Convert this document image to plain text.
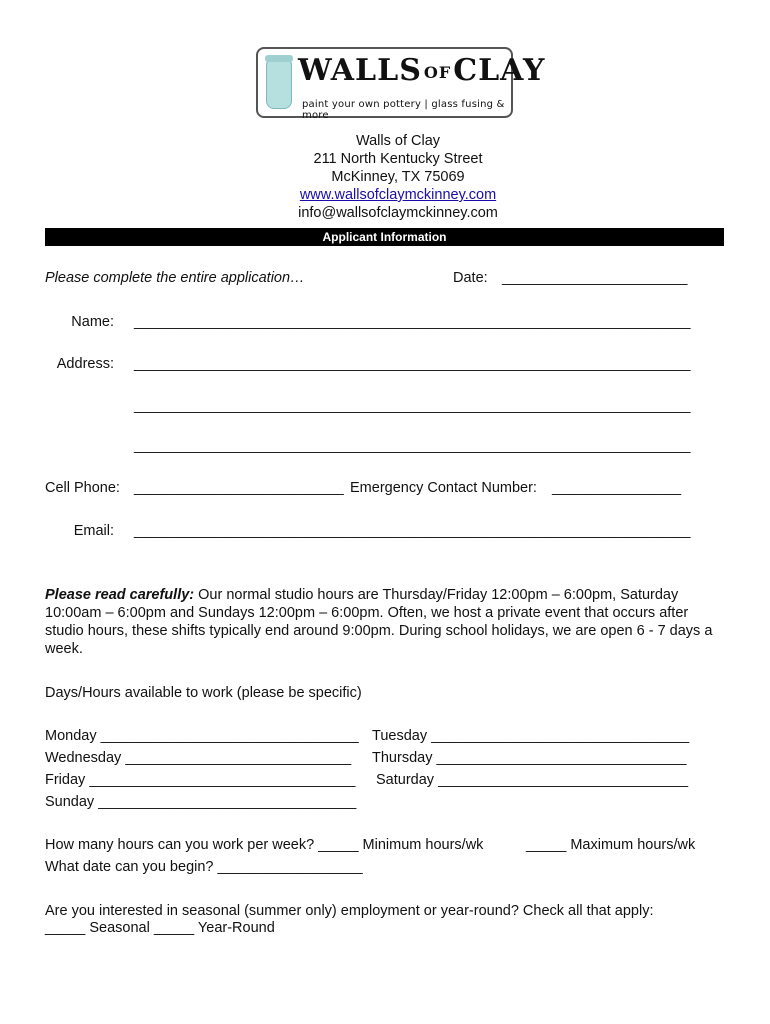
WALLS OFCLAY
paint your own pottery | glass fusing & more
Walls of Clay
211 North Kentucky Street
McKinney, TX 75069
www.wallsofclaymckinney.com
info@wallsofclaymckinney.com
Applicant Information
Please complete the entire application…	Date: _______________________
Name: _____________________________________________________________________
Address: _____________________________________________________________________
_____________________________________________________________________
_____________________________________________________________________
Cell Phone: __________________________ Emergency Contact Number: ________________
Email: _____________________________________________________________________
Please read carefully: Our normal studio hours are Thursday/Friday 12:00pm – 6:00pm, Saturday 10:00am – 6:00pm and Sundays 12:00pm – 6:00pm. Often, we host a private event that occurs after studio hours, these shifts typically end around 9:00pm. During school holidays, we are open 6 - 7 days a week.
Days/Hours available to work (please be specific)
Monday ________________________________ Tuesday ________________________________
Wednesday ____________________________ Thursday _______________________________
Friday _________________________________ Saturday _______________________________
Sunday ________________________________
How many hours can you work per week? _____ Minimum hours/wk	_____ Maximum hours/wk
What date can you begin? __________________
Are you interested in seasonal (summer only) employment or year-round? Check all that apply:
_____ Seasonal _____ Year-Round
